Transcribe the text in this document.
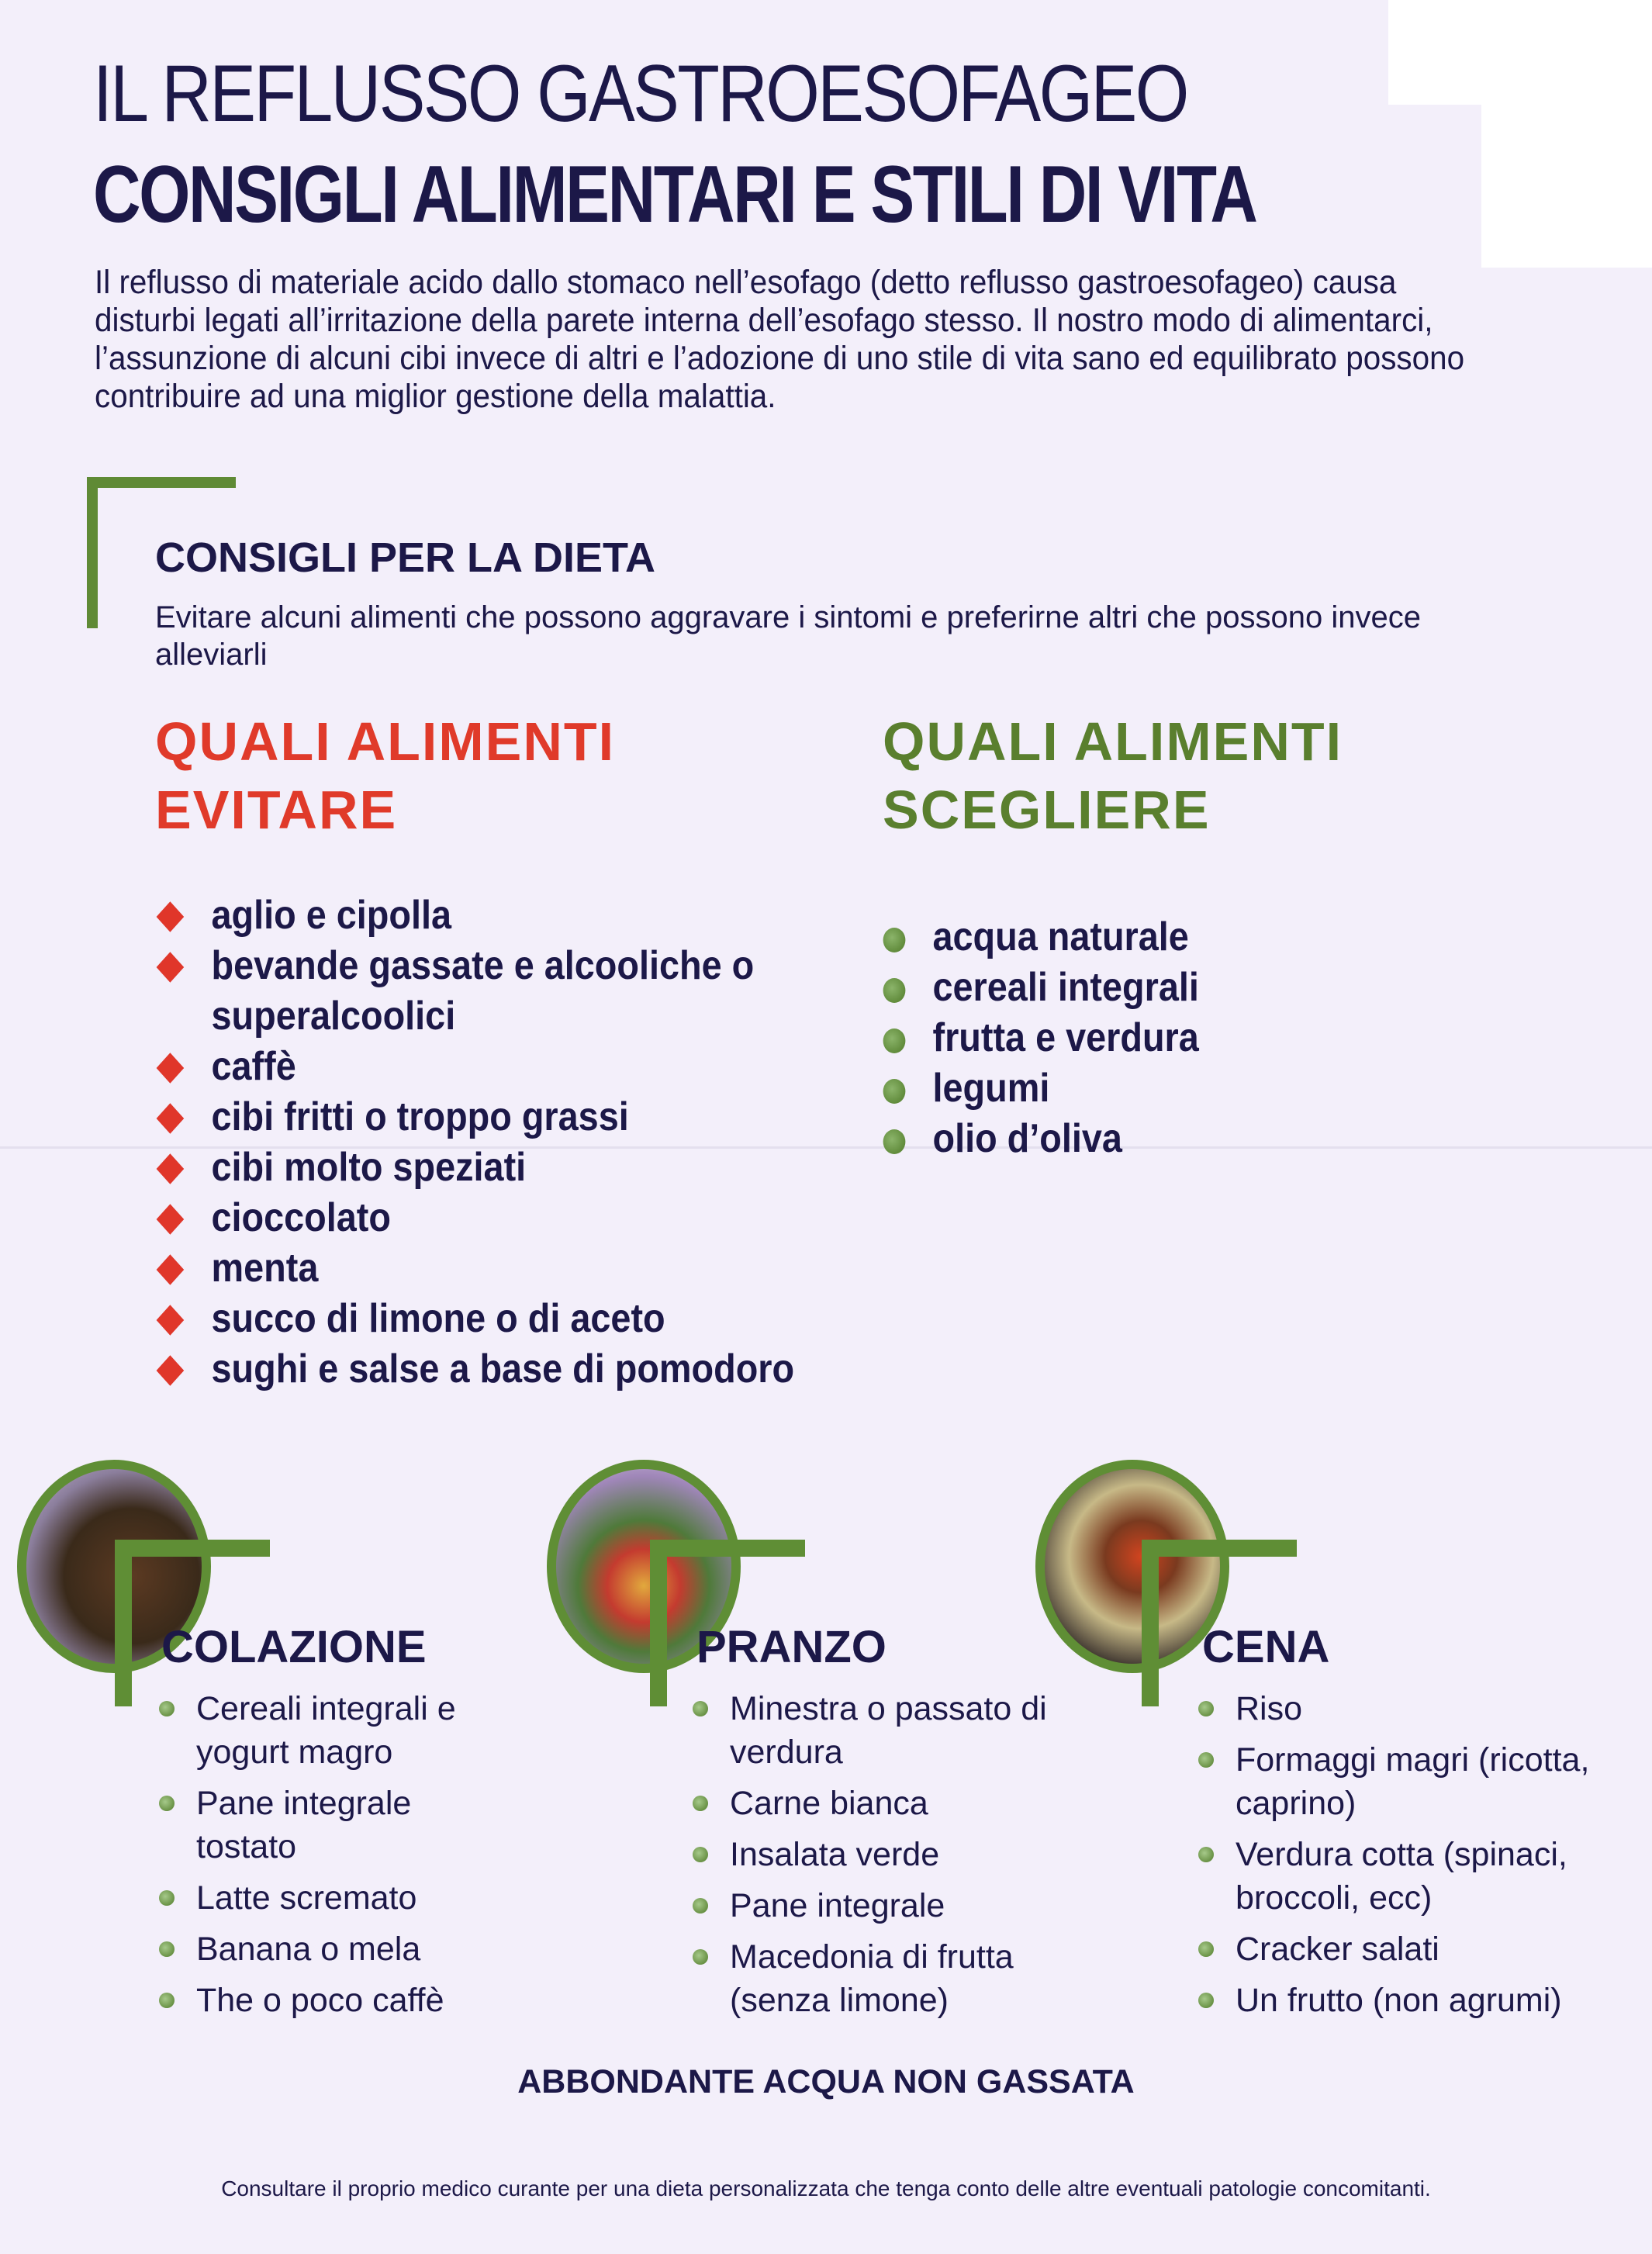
IL REFLUSSO GASTROESOFAGEO
CONSIGLI ALIMENTARI E STILI DI VITA
Il reflusso di materiale acido dallo stomaco nell’esofago (detto reflusso gastroesofageo) causa disturbi legati all’irritazione della parete interna dell’esofago stesso. Il nostro modo di alimentarci, l’assunzione di alcuni cibi invece di altri e l’adozione di uno stile di vita sano ed equilibrato possono contribuire ad una miglior gestione della malattia.
CONSIGLI PER LA DIETA
Evitare alcuni alimenti che possono aggravare i sintomi e preferirne altri che possono invece alleviarli
QUALI ALIMENTI
EVITARE
QUALI ALIMENTI
SCEGLIERE
aglio e cipolla
bevande gassate e alcooliche o superalcoolici
caffè
cibi fritti o troppo grassi
cibi molto speziati
cioccolato
menta
succo di limone o di aceto
sughi e salse a base di pomodoro
acqua naturale
cereali integrali
frutta e verdura
legumi
olio d’oliva
COLAZIONE
Cereali integrali e yogurt magro
Pane integrale tostato
Latte scremato
Banana o mela
The o poco caffè
PRANZO
Minestra o passato di verdura
Carne bianca
Insalata verde
Pane integrale
Macedonia di frutta (senza limone)
CENA
Riso
Formaggi magri (ricotta, caprino)
Verdura cotta (spinaci, broccoli, ecc)
Cracker salati
Un frutto (non agrumi)
ABBONDANTE ACQUA NON GASSATA
Consultare il proprio medico curante per una dieta personalizzata che tenga conto delle altre eventuali patologie concomitanti.
